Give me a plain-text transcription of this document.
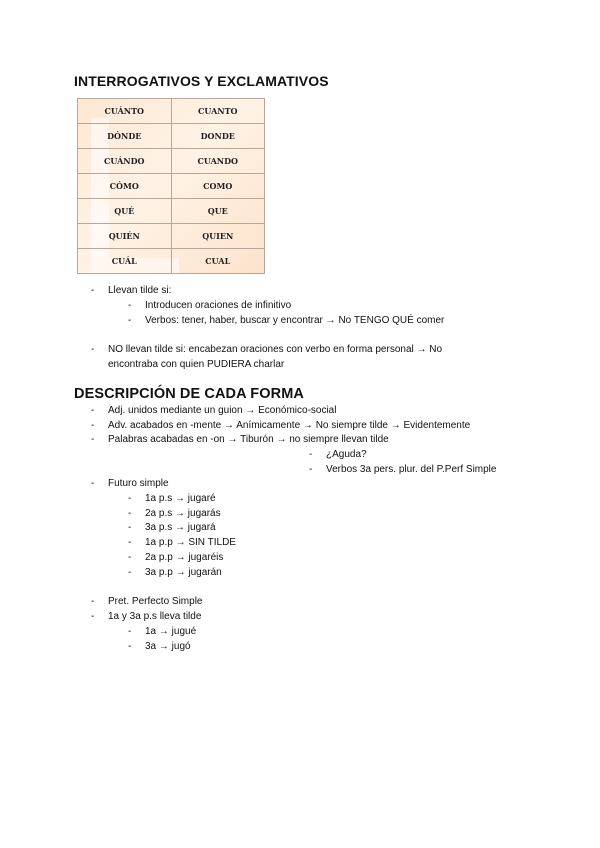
INTERROGATIVOS Y EXCLAMATIVOS
CUÁNTO	CUANTO
DÓNDE	DONDE
CUÁNDO	CUANDO
CÓMO	COMO
QUÉ	QUE
QUIÉN	QUIEN
CUÁL	CUAL
- Llevan tilde si:
- Introducen oraciones de infinitivo
- Verbos: tener, haber, buscar y encontrar → No TENGO QUÉ comer
- NO llevan tilde si: encabezan oraciones con verbo en forma personal → No
encontraba con quien PUDIERA charlar
DESCRIPCIÓN DE CADA FORMA
- Adj. unidos mediante un guion → Económico-social
- Adv. acabados en -mente → Anímicamente → No siempre tilde → Evidentemente
- Palabras acabadas en -on → Tiburón → no siempre llevan tilde
- ¿Aguda?
- Verbos 3a pers. plur. del P.Perf Simple
- Futuro simple
- 1a p.s → jugaré
- 2a p.s → jugarás
- 3a p.s → jugará
- 1a p.p → SIN TILDE
- 2a p.p → jugaréis
- 3a p.p → jugarán
- Pret. Perfecto Simple
- 1a y 3a p.s lleva tilde
- 1a → jugué
- 3a → jugó
